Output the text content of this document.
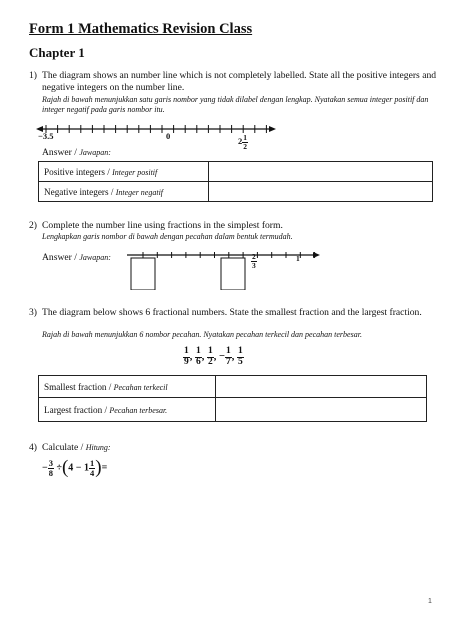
Form 1 Mathematics Revision Class
Chapter 1
1) The diagram shows an number line which is not completely labelled. State all the positive integers and negative integers on the number line.
Rajah di bawah menunjukkan satu garis nombor yang tidak dilabel dengan lengkap. Nyatakan semua integer positif dan integer negatif pada garis nombor itu.
−3.5	0	$2 \frac{1}{2}$
Answer / Jawapan:
Positive integers / Integer positif	
Negative integers / Integer negatif	
2) Complete the number line using fractions in the simplest form.
Lengkapkan garis nombor di bawah dengan pecahan dalam bentuk termudah.
Answer / Jawapan:	$\frac{2}{3}$	1
3) The diagram below shows 6 fractional numbers. State the smallest fraction and the largest fraction.
Rajah di bawah menunjukkan 6 nombor pecahan. Nyatakan pecahan terkecil dan pecahan terbesar.
$\frac{1}{9}$ , $\frac{1}{6}$ , $\frac{1}{2}$ , − $\frac{1}{7}$ , $\frac{1}{5}$
Smallest fraction / Pecahan terkecil	
Largest fraction / Pecahan terbesar.	
4) Calculate / Hitung:
− $\frac{3}{8} \div(4 - 1 \frac{1}{4}$ )=
1
